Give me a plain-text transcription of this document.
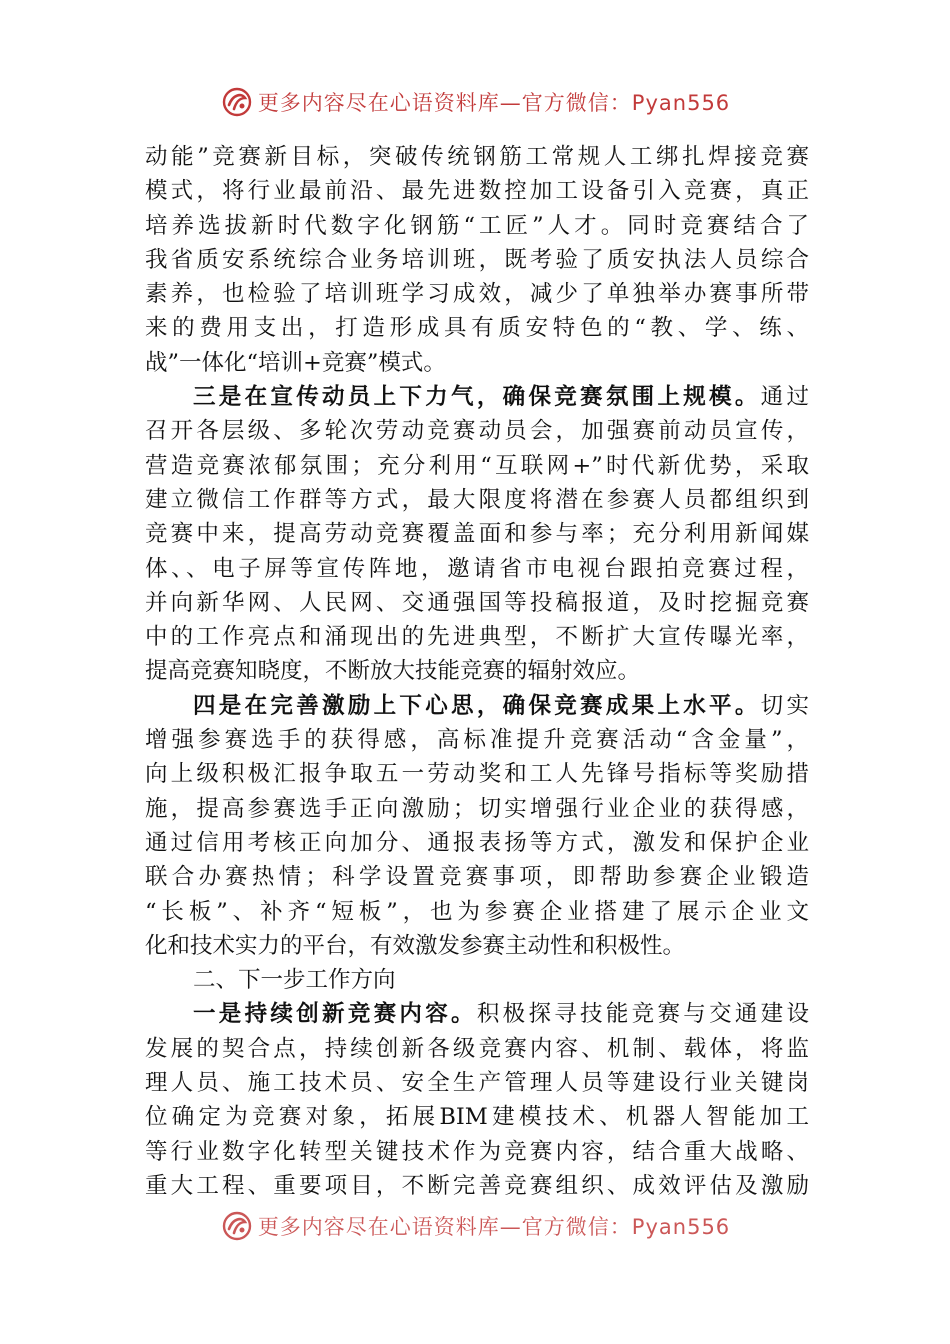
更多内容尽在心语资料库—官方微信：Pyan556
动能”竞赛新目标，突破传统钢筋工常规人工绑扎焊接竞赛
模式，将行业最前沿、最先进数控加工设备引入竞赛，真正
培养选拔新时代数字化钢筋“工匠”人才。同时竞赛结合了
我省质安系统综合业务培训班，既考验了质安执法人员综合
素养，也检验了培训班学习成效，减少了单独举办赛事所带
来的费用支出，打造形成具有质安特色的“教、学、练、
战”一体化“培训+竞赛”模式。
三是在宣传动员上下力气，确保竞赛氛围上规模。通过
召开各层级、多轮次劳动竞赛动员会，加强赛前动员宣传，
营造竞赛浓郁氛围；充分利用“互联网+”时代新优势，采取
建立微信工作群等方式，最大限度将潜在参赛人员都组织到
竞赛中来，提高劳动竞赛覆盖面和参与率；充分利用新闻媒
体、、电子屏等宣传阵地，邀请省市电视台跟拍竞赛过程，
并向新华网、人民网、交通强国等投稿报道，及时挖掘竞赛
中的工作亮点和涌现出的先进典型，不断扩大宣传曝光率，
提高竞赛知晓度，不断放大技能竞赛的辐射效应。
四是在完善激励上下心思，确保竞赛成果上水平。切实
增强参赛选手的获得感，高标准提升竞赛活动“含金量”，
向上级积极汇报争取五一劳动奖和工人先锋号指标等奖励措
施，提高参赛选手正向激励；切实增强行业企业的获得感，
通过信用考核正向加分、通报表扬等方式，激发和保护企业
联合办赛热情；科学设置竞赛事项，即帮助参赛企业锻造
“长板”、补齐“短板”，也为参赛企业搭建了展示企业文
化和技术实力的平台，有效激发参赛主动性和积极性。
二、下一步工作方向
一是持续创新竞赛内容。积极探寻技能竞赛与交通建设
发展的契合点，持续创新各级竞赛内容、机制、载体，将监
理人员、施工技术员、安全生产管理人员等建设行业关键岗
位确定为竞赛对象，拓展BIM建模技术、机器人智能加工
等行业数字化转型关键技术作为竞赛内容，结合重大战略、
重大工程、重要项目，不断完善竞赛组织、成效评估及激励
更多内容尽在心语资料库—官方微信：Pyan556
